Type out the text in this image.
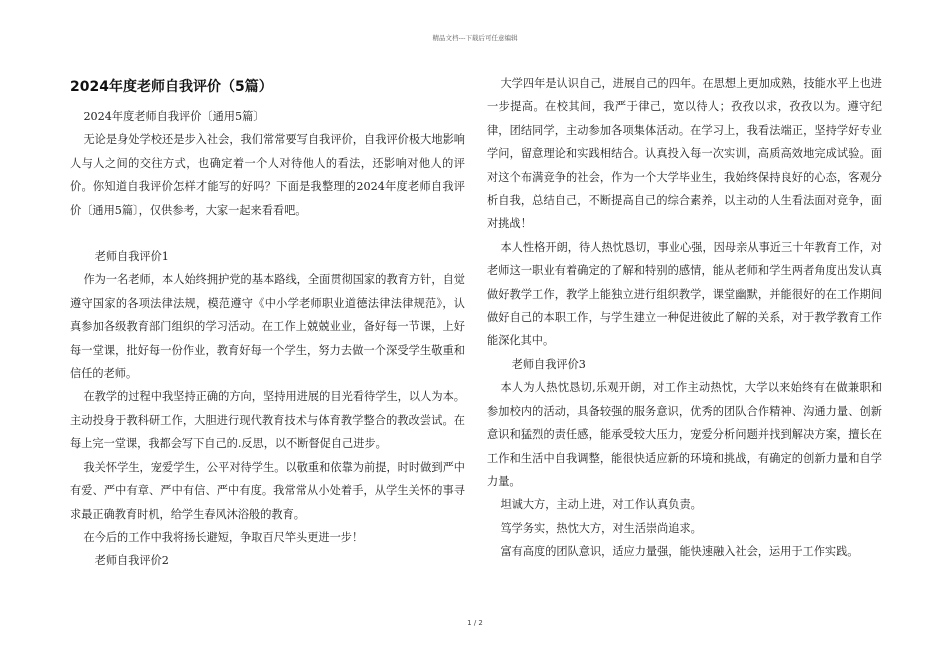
精品文档---下载后可任意编辑
2024年度老师自我评价（5篇）

2024年度老师自我评价〔通用5篇〕

无论是身处学校还是步入社会，我们常常要写自我评价，自我评价极大地影响人与人之间的交往方式，也确定着一个人对待他人的看法，还影响对他人的评价。你知道自我评价怎样才能写的好吗？下面是我整理的2024年度老师自我评价〔通用5篇〕，仅供参考，大家一起来看看吧。

老师自我评价1

作为一名老师，本人始终拥护党的基本路线，全面贯彻国家的教育方针，自觉遵守国家的各项法律法规，模范遵守《中小学老师职业道德法律法律规范》，认真参加各级教育部门组织的学习活动。在工作上兢兢业业，备好每一节课，上好每一堂课，批好每一份作业，教育好每一个学生，努力去做一个深受学生敬重和信任的老师。

在教学的过程中我坚持正确的方向，坚持用进展的目光看待学生，以人为本。主动投身于教科研工作，大胆进行现代教育技术与体育教学整合的教改尝试。在每上完一堂课，我都会写下自己的.反思，以不断督促自己进步。

我关怀学生，宠爱学生，公平对待学生。以敬重和依靠为前提，时时做到严中有爱、严中有章、严中有信、严中有度。我常常从小处着手，从学生关怀的事寻求最正确教育时机，给学生春风沐浴般的教育。

在今后的工作中我将扬长避短，争取百尺竿头更进一步！

老师自我评价2

大学四年是认识自己，进展自己的四年。在思想上更加成熟，技能水平上也进一步提高。在校其间，我严于律己，宽以待人；孜孜以求，孜孜以为。遵守纪律，团结同学，主动参加各项集体活动。在学习上，我看法端正，坚持学好专业学问，留意理论和实践相结合。认真投入每一次实训，高质高效地完成试验。面对这个布满竞争的社会，作为一个大学毕业生，我始终保持良好的心态，客观分析自我，总结自己，不断提高自己的综合素养，以主动的人生看法面对竞争，面对挑战！

本人性格开朗，待人热忱恳切，事业心强，因母亲从事近三十年教育工作，对老师这一职业有着确定的了解和特别的感情，能从老师和学生两者角度出发认真做好教学工作，教学上能独立进行组织教学，课堂幽默，并能很好的在工作期间做好自己的本职工作，与学生建立一种促进彼此了解的关系，对于教学教育工作能深化其中。

老师自我评价3

本人为人热忱恳切,乐观开朗，对工作主动热忱，大学以来始终有在做兼职和参加校内的活动，具备较强的服务意识，优秀的团队合作精神、沟通力量、创新意识和猛烈的责任感，能承受较大压力，宠爱分析问题并找到解决方案，擅长在工作和生活中自我调整，能很快适应新的环境和挑战，有确定的创新力量和自学力量。

坦诚大方，主动上进，对工作认真负责。

笃学务实，热忱大方，对生活崇尚追求。

富有高度的团队意识，适应力量强，能快速融入社会，运用于工作实践。

1 / 2
